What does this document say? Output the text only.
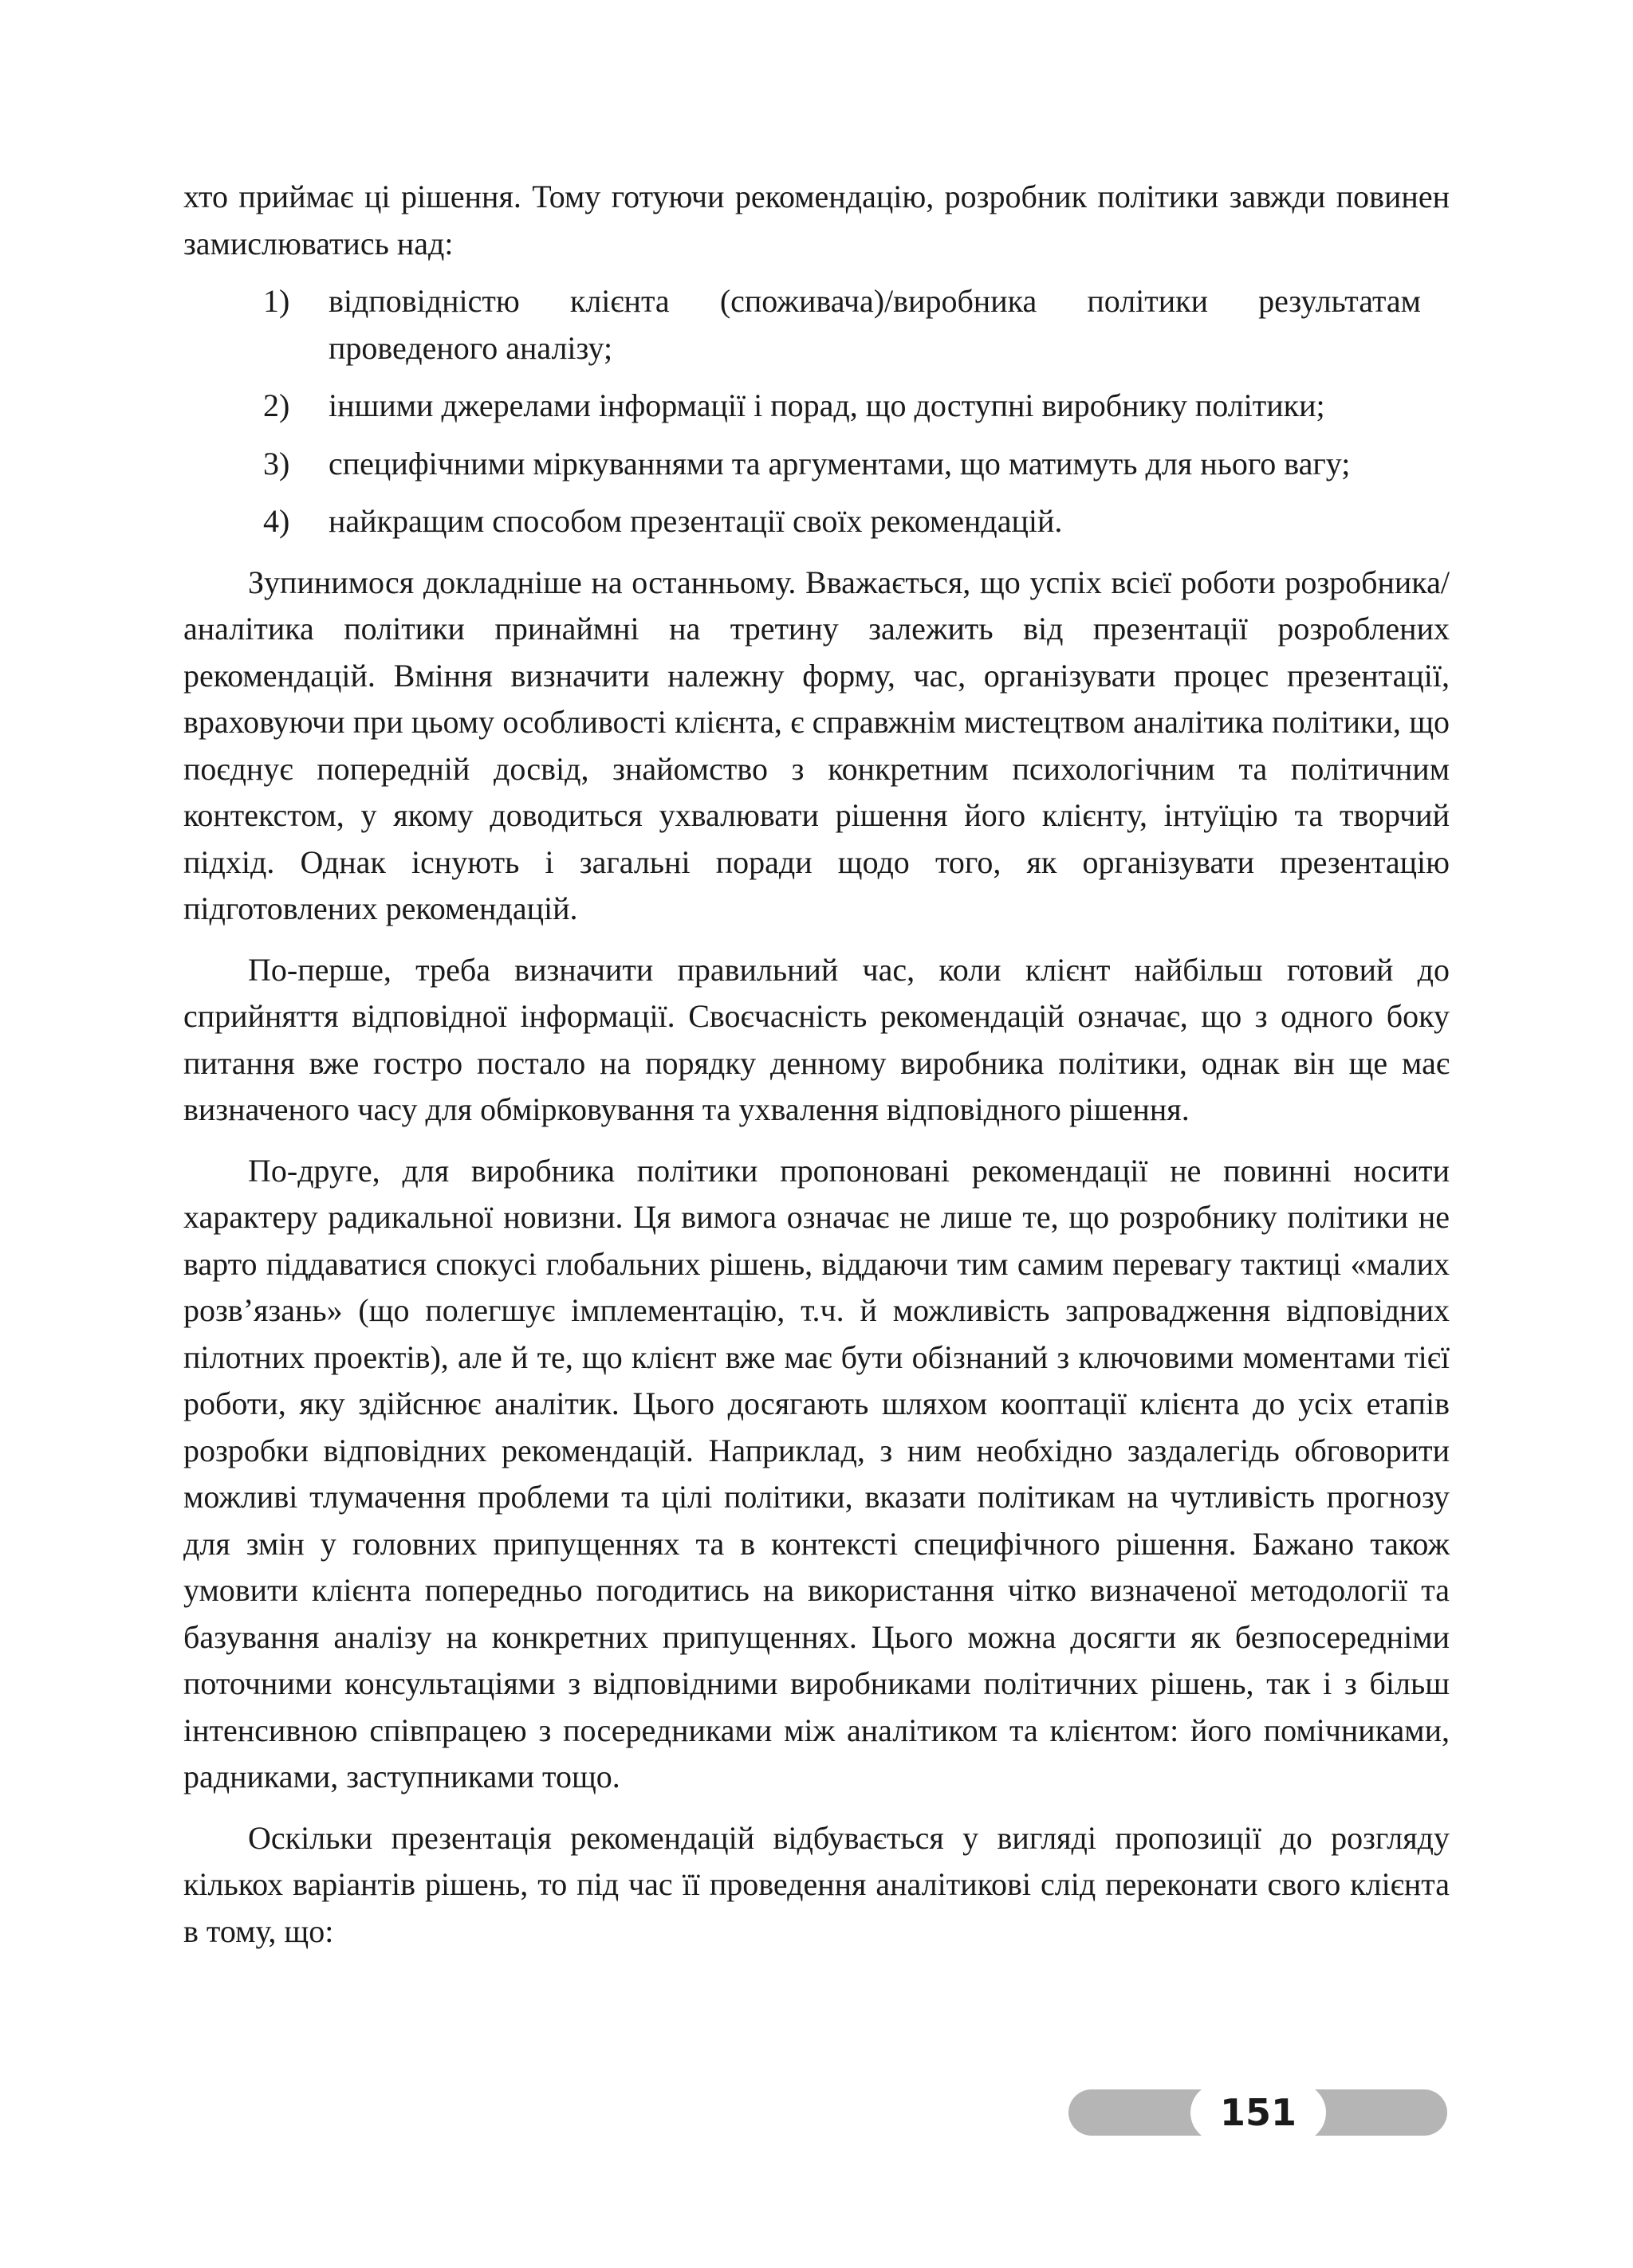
хто приймає ці рішення. Тому готуючи рекомендацію, розробник політики завжди повинен замислюватись над:

1) відповідністю клієнта (споживача)/виробника політики результатам проведеного аналізу;
2) іншими джерелами інформації і порад, що доступні виробнику політики;
3) специфічними міркуваннями та аргументами, що матимуть для нього вагу;
4) найкращим способом презентації своїх рекомендацій.

Зупинимося докладніше на останньому. Вважається, що успіх всієї роботи розробника/аналітика політики принаймні на третину залежить від презентації розроблених рекомендацій. Вміння визначити належну форму, час, організувати процес презентації, враховуючи при цьому особливості клієнта, є справжнім мистецтвом аналітика політики, що поєднує попередній досвід, знайомство з конкретним психологічним та політичним контекстом, у якому доводиться ухвалювати рішення його клієнту, інтуїцію та творчий підхід. Однак існують і загальні поради щодо того, як організувати презентацію підготовлених рекомендацій.

По-перше, треба визначити правильний час, коли клієнт найбільш готовий до сприйняття відповідної інформації. Своєчасність рекомендацій означає, що з одного боку питання вже гостро постало на порядку денному виробника політики, однак він ще має визначеного часу для обмірковування та ухвалення відповідного рішення.

По-друге, для виробника політики пропоновані рекомендації не повинні носити характеру радикальної новизни. Ця вимога означає не лише те, що розробнику політики не варто піддаватися спокусі глобальних рішень, віддаючи тим самим перевагу тактиці «малих розв’язань» (що полегшує імплементацію, т.ч. й можливість запровадження відповідних пілотних проектів), але й те, що клієнт вже має бути обізнаний з ключовими моментами тієї роботи, яку здійснює аналітик. Цього досягають шляхом кооптації клієнта до усіх етапів розробки відповідних рекомендацій. Наприклад, з ним необхідно заздалегідь обговорити можливі тлумачення проблеми та цілі політики, вказати політикам на чутливість прогнозу для змін у головних припущеннях та в контексті специфічного рішення. Бажано також умовити клієнта попередньо погодитись на використання чітко визначеної методології та базування аналізу на конкретних припущеннях. Цього можна досягти як безпосередніми поточними консультаціями з відповідними виробниками політичних рішень, так і з більш інтенсивною співпрацею з посередниками між аналітиком та клієнтом: його помічниками, радниками, заступниками тощо.

Оскільки презентація рекомендацій відбувається у вигляді пропозиції до розгляду кількох варіантів рішень, то під час її проведення аналітикові слід переконати свого клієнта в тому, що:

151
